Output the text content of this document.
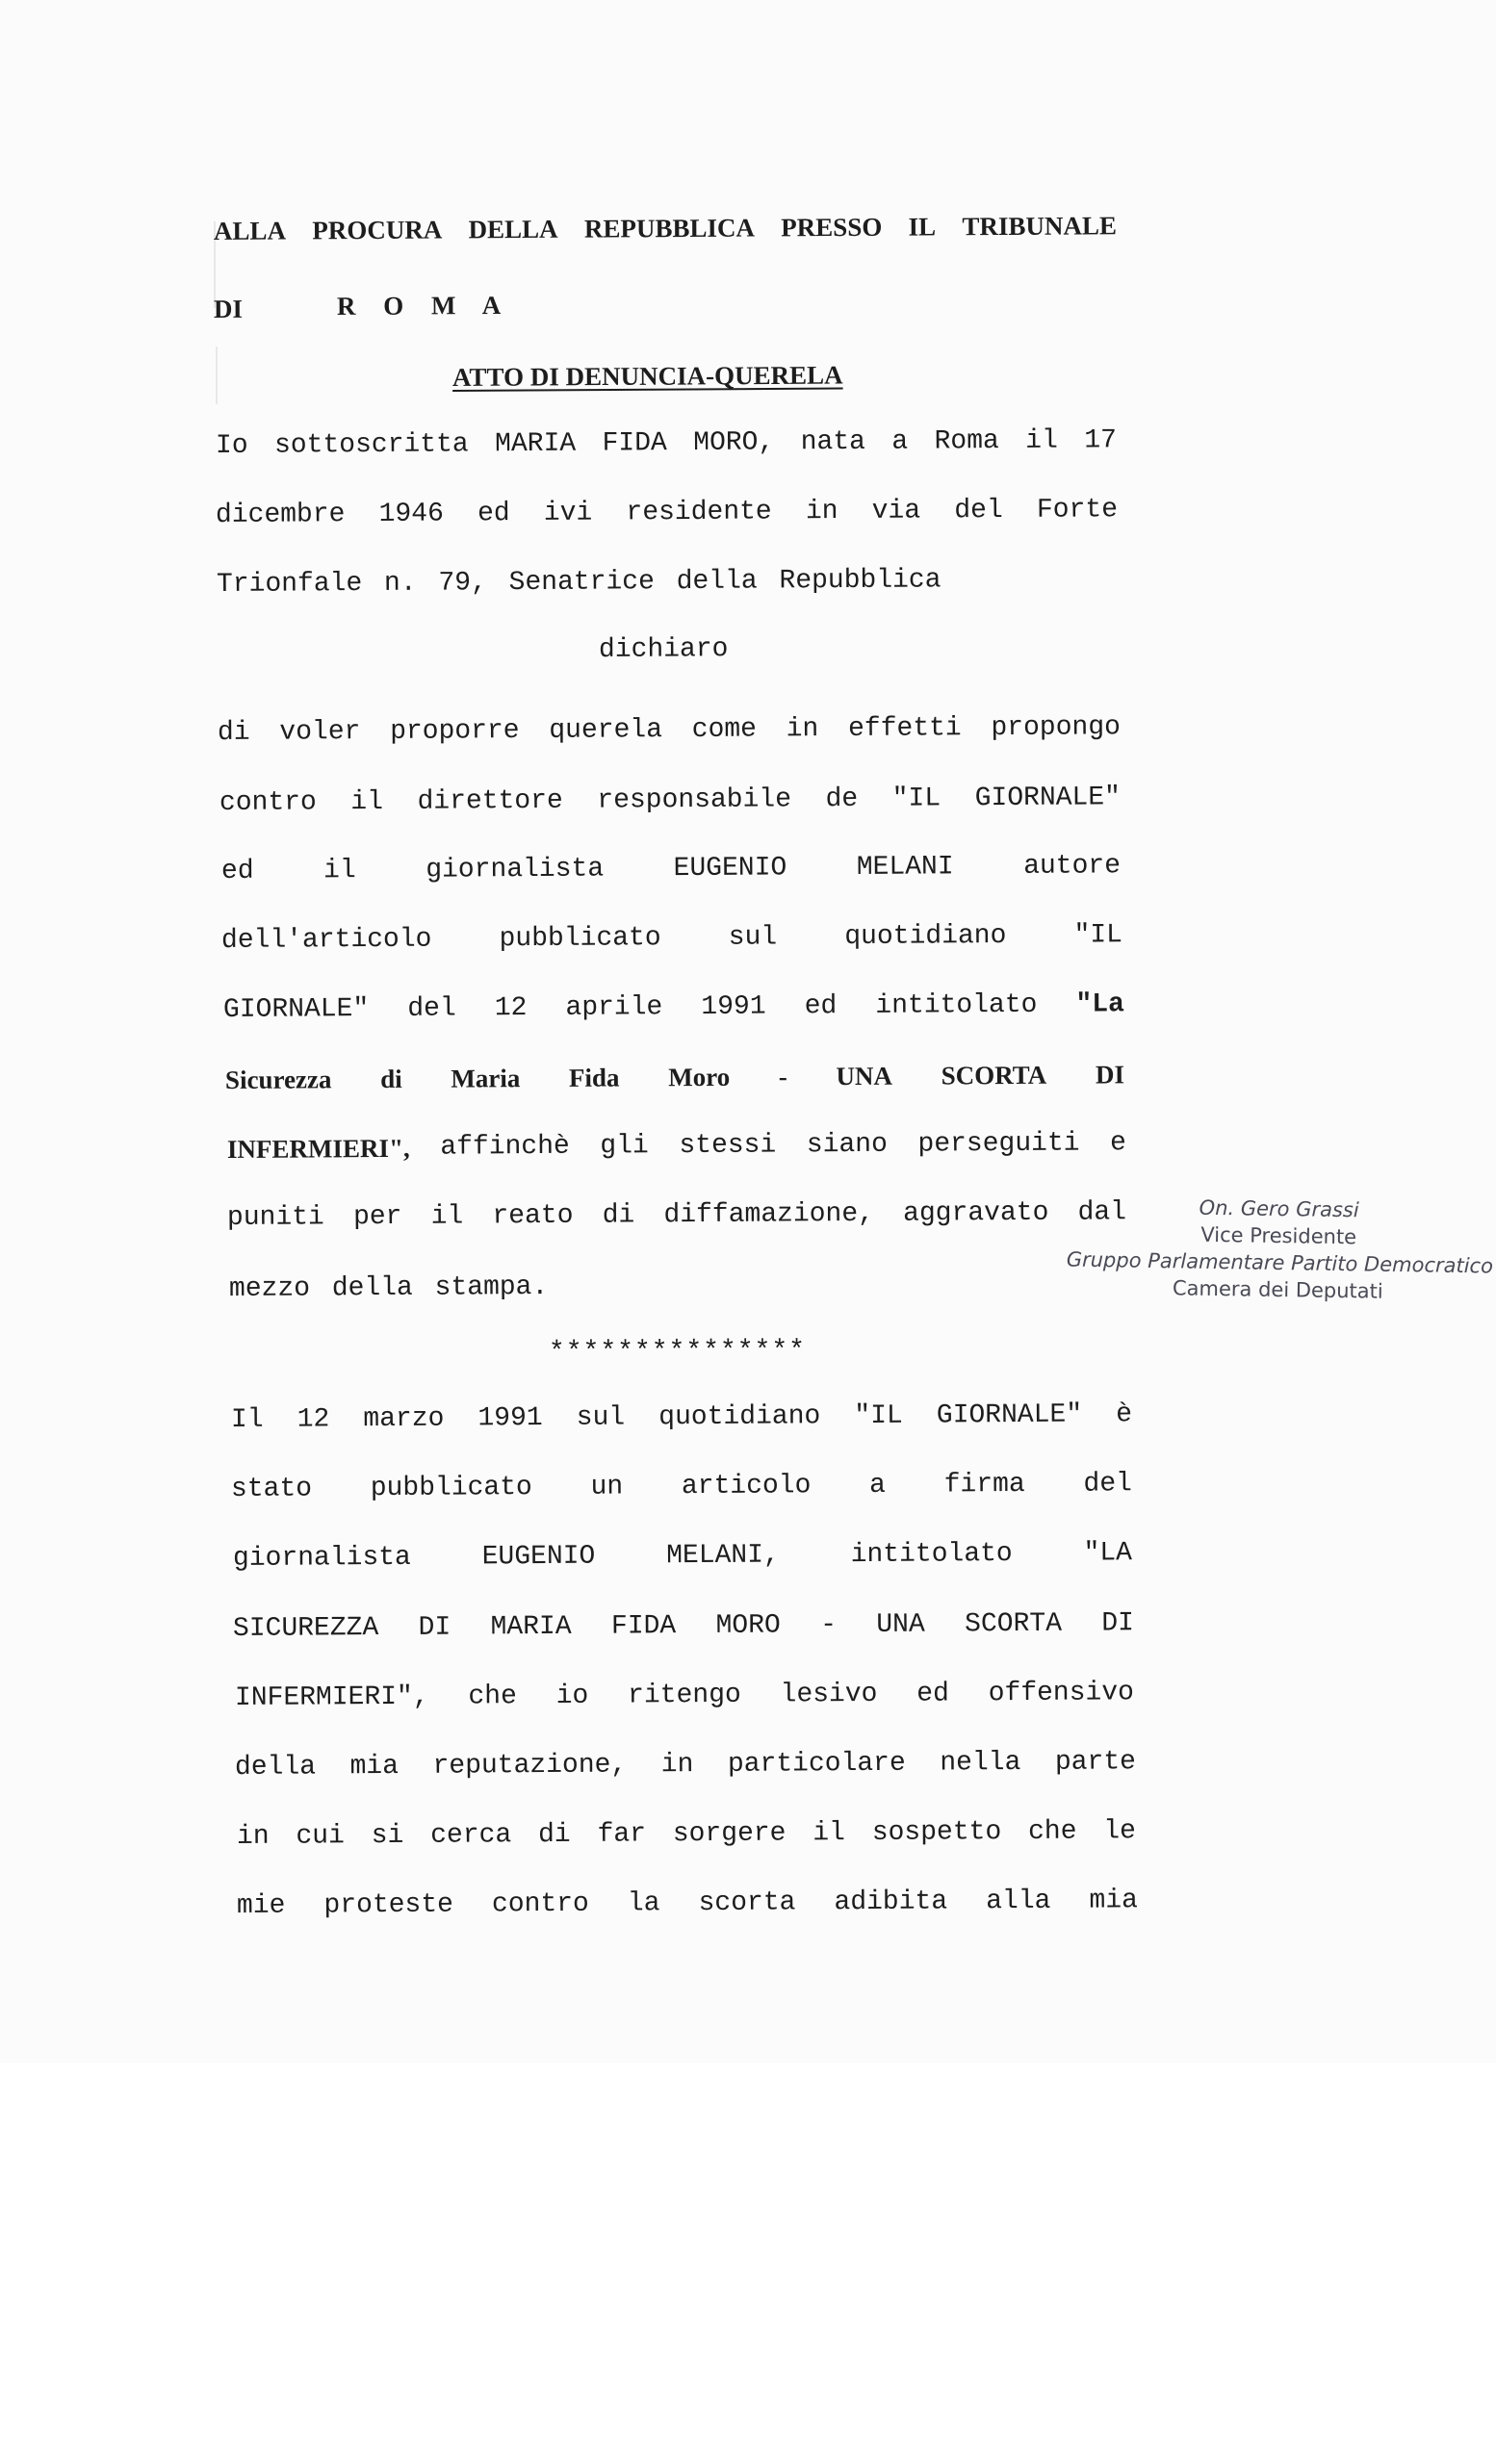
ALLA PROCURA DELLA REPUBBLICA PRESSO IL TRIBUNALE
DI	R O M A
ATTO DI DENUNCIA-QUERELA
Io sottoscritta MARIA FIDA MORO, nata a Roma il 17
dicembre 1946 ed ivi residente in via del Forte
Trionfale n. 79, Senatrice della Repubblica
dichiaro
di voler proporre querela come in effetti propongo
contro il direttore responsabile de "IL GIORNALE"
ed	il	giornalista	EUGENIO	MELANI	autore
dell'articolo pubblicato sul quotidiano "IL
GIORNALE" del 12 aprile 1991 ed intitolato "La
Sicurezza di Maria Fida Moro - UNA SCORTA DI
INFERMIERI", affinchè gli stessi siano perseguiti e
puniti per il reato di diffamazione, aggravato dal
mezzo della stampa.
***************
On. Gero Grassi
Vice Presidente
Gruppo Parlamentare Partito Democratico
Camera dei Deputati
Il 12 marzo 1991 sul quotidiano "IL GIORNALE" è
stato pubblicato un articolo a firma del
giornalista	EUGENIO	MELANI,	intitolato	"LA
SICUREZZA DI MARIA FIDA MORO - UNA SCORTA DI
INFERMIERI", che io ritengo lesivo ed offensivo
della mia reputazione, in particolare nella parte
in cui si cerca di far sorgere il sospetto che le
mie proteste contro la scorta adibita alla mia
